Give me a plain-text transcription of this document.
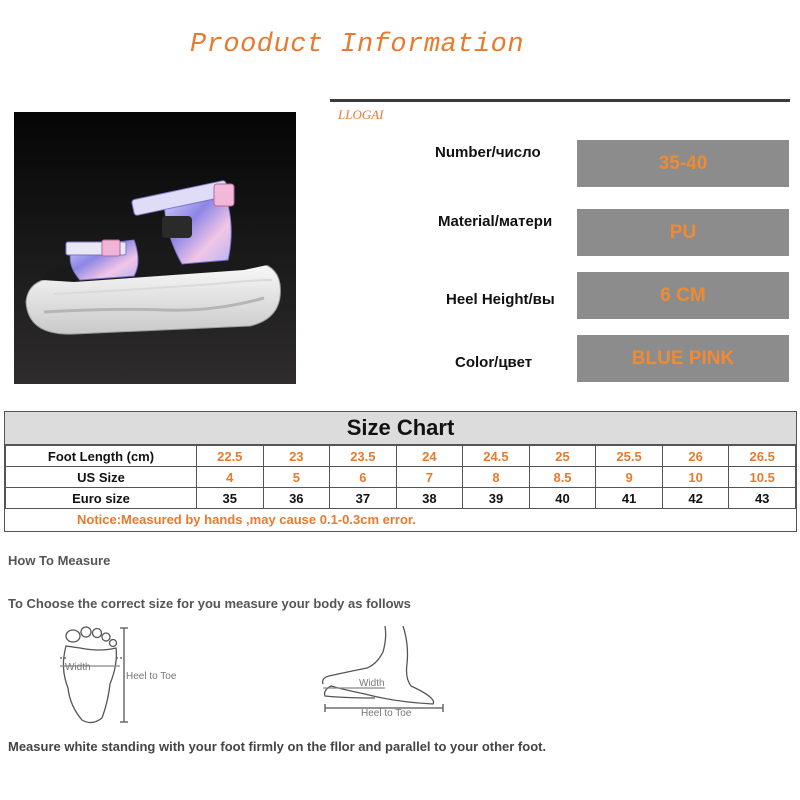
Prooduct Information
LLOGAI
Number/число	35-40
Material/матери	PU
Heel Height/вы	6 CM
Color/цвет	BLUE PINK
Size Chart
Foot Length (cm)	22.5	23	23.5	24	24.5	25	25.5	26	26.5
US Size	4	5	6	7	8	8.5	9	10	10.5
Euro size	35	36	37	38	39	40	41	42	43
Notice:Measured by hands ,may cause 0.1-0.3cm error.
How To Measure
To Choose the correct size for you measure your body as follows
Width
Heel to Toe
Width
Heel to Toe
Measure white standing with your foot firmly on the fllor and parallel to your other foot.
